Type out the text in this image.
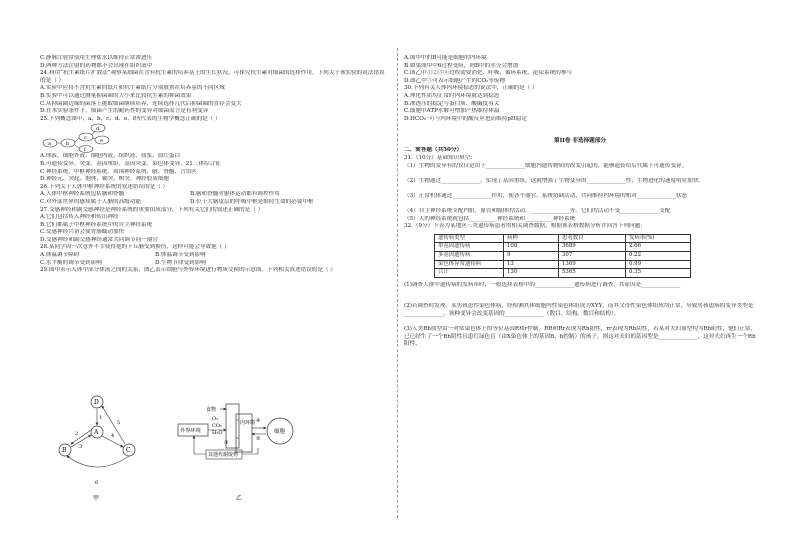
C.静脉注射常使用生理盐水以维持正常渗透压
D.两种方法注射的药物都不会出现在组织液中
24.利用“抗生素纸片扩散法”观察某细菌在含有抗生素的培养基上的生长状况，可探究抗生素对细菌的选择作用。下列关于该实验的说法错误的是（ ）
A.实验中应将不含抗生素的纸片和抗生素纸片分别放置在培养基的不同区域
B.实验中可以通过测量抑菌圈的大小来比较抗生素的抑菌效果
C.从抑菌圈边缘的菌落上挑取细菌继续培养，连续选择几代后抑菌圈的直径会变大
D.在本实验条件下，细菌产生的耐药性的变异对细菌而言是有利变异
25.下列概念图中，a、b、c、d、e、f所代表的生物学概念正确的是（ ）
a	b
c
d
e
f
A.体液、细胞外液、细胞内液、组织液、血浆、血红蛋白
B.可遗传变异、突变、基因重组、基因突变、染色体变异、21三体综合征
C.神经系统、中枢神经系统、周围神经系统、脑、脊髓、言语区
D.神经元、突起、胞体、轴突、树突、神经胶质细胞
26.下列关于人体中枢神经系统的叙述错误的是（ ）
A.人体中枢神经系统包括脑和脊髓	B.脑和脊髓对躯体运动都有调控作用
C.对外部世界的感知属于人脑的高级功能	D.位于大脑皮层的呼吸中枢是维持生命的必要中枢
27.交感神经和副交感神经是神经系统的重要组成部分，下列有关它们的叙述正确的是（ ）
A.它们包括传入神经和传出神经
B.它们都属于中枢神经系统中的自主神经系统
C.交感神经兴奋会使胃肠蠕动加快
D.交感神经和副交感神经通常共同调节同一器官
28.某同学因一次意外不幸使得他的下丘脑受到损伤，这样可能会导致他（ ）
A.体温调节障碍	B.体温调节受到影响
C.水平衡的调节受到影响	D.生物节律受到影响
29.图甲表示人体中部分体液之间的关系，图乙表示细胞与外界环境进行物质交换的示意图。下列相关叙述错误的是（ ）
D
A
B	C
1
2
3
4
5
6
甲
外界环境
食物
O₂
CO₂
H₂O
内环境
③
④
⑤
细胞
其他代谢废物
乙
A.图甲中的B可能是细胞的内环境
B.如果图甲中6过程受阻，则B中的水分会增加
C.图乙中①②③④过程需要消化、呼吸、循环系统、泌尿系统的参与
D.图乙中⑤可表示细胞产生的CO₂等废物
30.下列有关人体内环境稳态的说法中，正确的是（ ）
A.理化性质均正常时内环境就达到稳态
B.渗透压的稳定与蛋白质、酸碱度有关
C.细胞中ATP水解可增加产热维持体温
D.HCO₃⁻可与内环境中的酸反应进而维持pH稳定
第II卷 非选择题部分
二、简答题（共50分）
31.（10分）基础知识填空：
（1）生物的变异有的仅仅是由于______________细胞内遗传物质的改变引起的，能够遗传给后代属于可遗传变异。
（2）生物通过______________，实现了基因重组，这就增强了生物变异的______________性，生物进化的速度明显加快。
（3）正常机体通过______________作用，使各个器官、系统协调活动，共同维持内环境的相对______________状态
（4）自主神经系统支配内脏、血管和腺体的活动，______________等。它们的活动不受______________支配
（5）人的神经系统就包括__________神经系统和__________神经系统
32.（9分）下表为某地区三类遗传病患者的相关调查数据，根据该表格数据分析并回答下列问题：
遗传病类型	病种	患者数目	发病率(%)
单基因遗传病	108	3689	2.66
多基因遗传病	9	307	0.22
染色体异常遗传病	13	1369	0.99
合计	130	5365	0.35
(1)调查人群中遗传病的发病率时，一般选择表格中的______________遗传病进行调查，其原因是______________
(2)若调查时发现，某男孩患性染色体病，经检测其体细胞内性染色体组成为XYY，而其父母性染色体组成均正常，导致男孩患病的变异类型是______________，该种变异会改变基因的______________（数目、结构、数目和结构）。
(3)人类Rh血型由一对常染色体上的等位基因R和r控制，RR和Rr表现为Rh阳性，rr表现为Rh阴性，若某对夫妇血型均为Rh阳性，他们正常，已已经生了一个Rh阴性且患红绿色盲（由X染色体上的基因B、b控制）的孩子，则这对夫妇的基因型是______________，这对夫妇再生一个Rh阳性、
